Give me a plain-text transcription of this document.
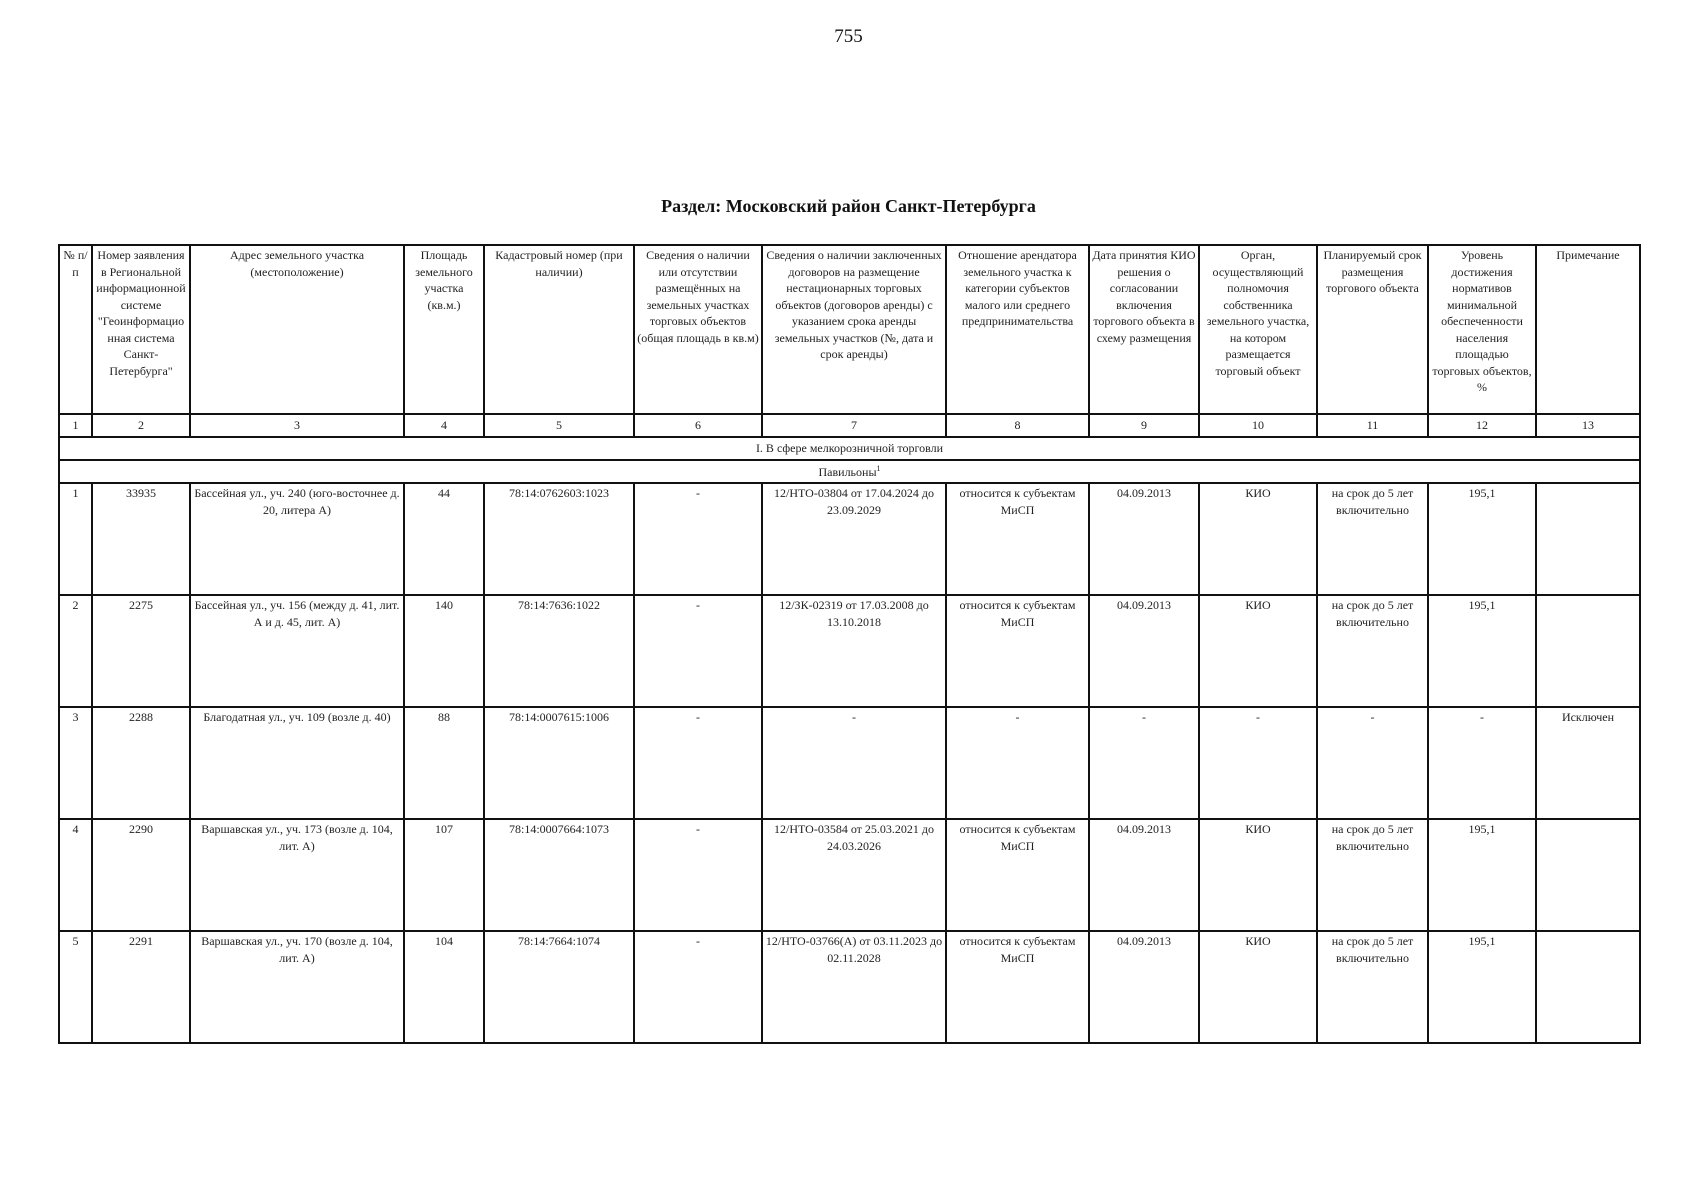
755
Раздел: Московский район Санкт-Петербурга
№ п/п	Номер заявления в Региональной информационной системе "Геоинформационная система Санкт-Петербурга"	Адрес земельного участка (местоположение)	Площадь земельного участка (кв.м.)	Кадастровый номер (при наличии)	Сведения о наличии или отсутствии размещённых на земельных участках торговых объектов (общая площадь в кв.м)	Сведения о наличии заключенных договоров на размещение нестационарных торговых объектов (договоров аренды) с указанием срока аренды земельных участков (№, дата и срок аренды)	Отношение арендатора земельного участка к категории субъектов малого или среднего предпринимательства	Дата принятия КИО решения о согласовании включения торгового объекта в схему размещения	Орган, осуществляющий полномочия собственника земельного участка, на котором размещается торговый объект	Планируемый срок размещения торгового объекта	Уровень достижения нормативов минимальной обеспеченности населения площадью торговых объектов, %	Примечание
1	2	3	4	5	6	7	8	9	10	11	12	13
I. В сфере мелкорозничной торговли												
Павильоны$^1$
1	33935	Бассейная ул., уч. 240 (юго-восточнее д. 20, литера А)	44	78:14:0762603:1023	-	12/НТО-03804 от 17.04.2024 до 23.09.2029	относится к субъектам МиСП	04.09.2013	КИО	на срок до 5 лет включительно	195,1	
2	2275	Бассейная ул., уч. 156 (между д. 41, лит. А и д. 45, лит. А)	140	78:14:7636:1022	-	12/ЗК-02319 от 17.03.2008 до 13.10.2018	относится к субъектам МиСП	04.09.2013	КИО	на срок до 5 лет включительно	195,1	
3	2288	Благодатная ул., уч. 109 (возле д. 40)	88	78:14:0007615:1006	-	-	-	-	-	-	-	Исключен
4	2290	Варшавская ул., уч. 173 (возле д. 104, лит. А)	107	78:14:0007664:1073	-	12/НТО-03584 от 25.03.2021 до 24.03.2026	относится к субъектам МиСП	04.09.2013	КИО	на срок до 5 лет включительно	195,1	
5	2291	Варшавская ул., уч. 170 (возле д. 104, лит. А)	104	78:14:7664:1074	-	12/НТО-03766(А) от 03.11.2023 до 02.11.2028	относится к субъектам МиСП	04.09.2013	КИО	на срок до 5 лет включительно	195,1	
